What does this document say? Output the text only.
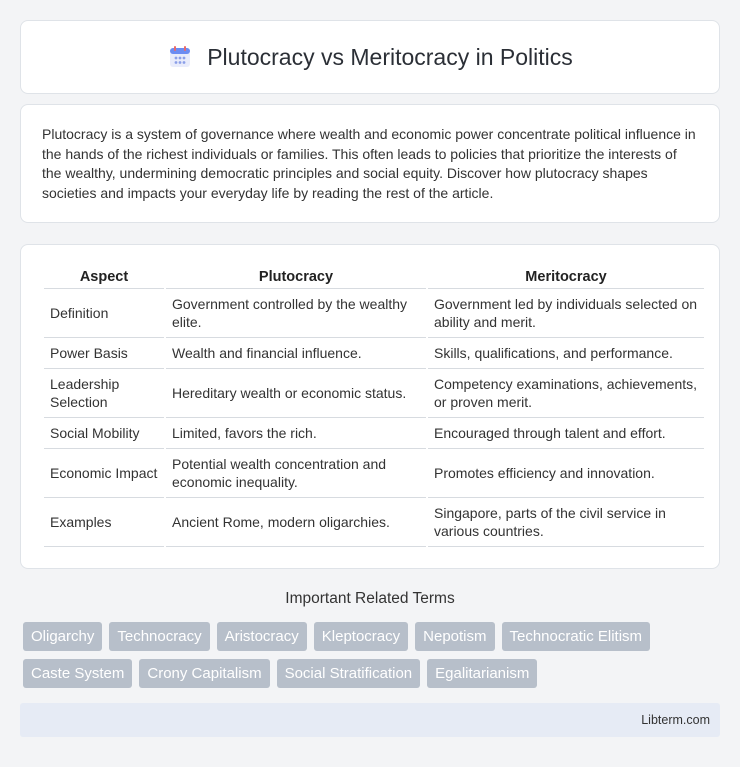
Plutocracy vs Meritocracy in Politics

Plutocracy is a system of governance where wealth and economic power concentrate political influence in the hands of the richest individuals or families. This often leads to policies that prioritize the interests of the wealthy, undermining democratic principles and social equity. Discover how plutocracy shapes societies and impacts your everyday life by reading the rest of the article.

Aspect	Plutocracy	Meritocracy
Definition	Government controlled by the wealthy elite.	Government led by individuals selected on ability and merit.
Power Basis	Wealth and financial influence.	Skills, qualifications, and performance.
Leadership Selection	Hereditary wealth or economic status.	Competency examinations, achievements, or proven merit.
Social Mobility	Limited, favors the rich.	Encouraged through talent and effort.
Economic Impact	Potential wealth concentration and economic inequality.	Promotes efficiency and innovation.
Examples	Ancient Rome, modern oligarchies.	Singapore, parts of the civil service in various countries.
Important Related Terms
Oligarchy	Technocracy	Aristocracy	Kleptocracy	Nepotism	Technocratic Elitism
Caste System	Crony Capitalism	Social Stratification	Egalitarianism
Libterm.com
